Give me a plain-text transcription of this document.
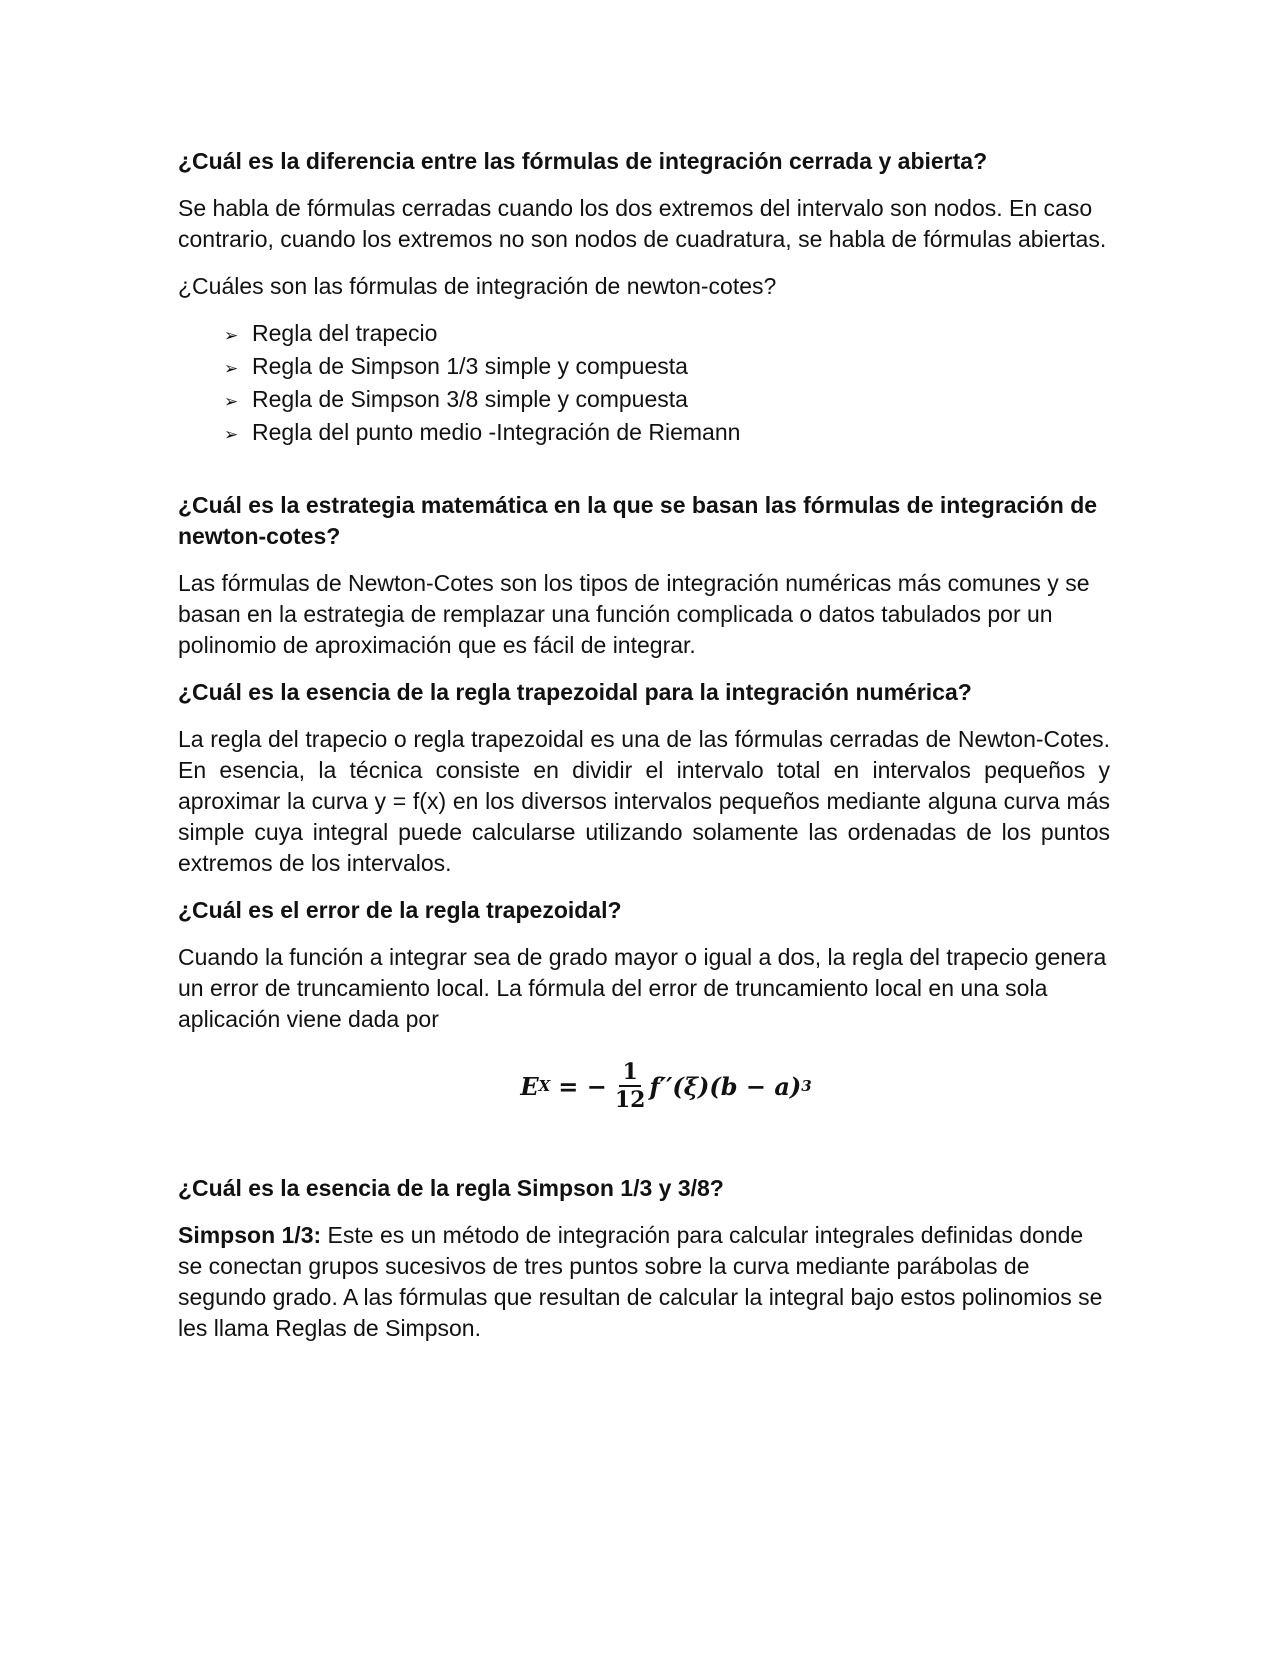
¿Cuál es la diferencia entre las fórmulas de integración cerrada y abierta?
Se habla de fórmulas cerradas cuando los dos extremos del intervalo son nodos. En caso contrario, cuando los extremos no son nodos de cuadratura, se habla de fórmulas abiertas.
¿Cuáles son las fórmulas de integración de newton-cotes?
➢ Regla del trapecio
➢ Regla de Simpson 1/3 simple y compuesta
➢ Regla de Simpson 3/8 simple y compuesta
➢ Regla del punto medio -Integración de Riemann
¿Cuál es la estrategia matemática en la que se basan las fórmulas de integración de newton-cotes?
Las fórmulas de Newton-Cotes son los tipos de integración numéricas más comunes y se basan en la estrategia de remplazar una función complicada o datos tabulados por un polinomio de aproximación que es fácil de integrar.
¿Cuál es la esencia de la regla trapezoidal para la integración numérica?
La regla del trapecio o regla trapezoidal es una de las fórmulas cerradas de Newton-Cotes. En esencia, la técnica consiste en dividir el intervalo total en intervalos pequeños y aproximar la curva y = f(x) en los diversos intervalos pequeños mediante alguna curva más simple cuya integral puede calcularse utilizando solamente las ordenadas de los puntos extremos de los intervalos.
¿Cuál es el error de la regla trapezoidal?
Cuando la función a integrar sea de grado mayor o igual a dos, la regla del trapecio genera un error de truncamiento local. La fórmula del error de truncamiento local en una sola aplicación viene dada por
E X = − $\frac{1}{12} f''(\xi)(b - a)$ 3
¿Cuál es la esencia de la regla Simpson 1/3 y 3/8?
Simpson 1/3: Este es un método de integración para calcular integrales definidas donde se conectan grupos sucesivos de tres puntos sobre la curva mediante parábolas de segundo grado. A las fórmulas que resultan de calcular la integral bajo estos polinomios se les llama Reglas de Simpson.
